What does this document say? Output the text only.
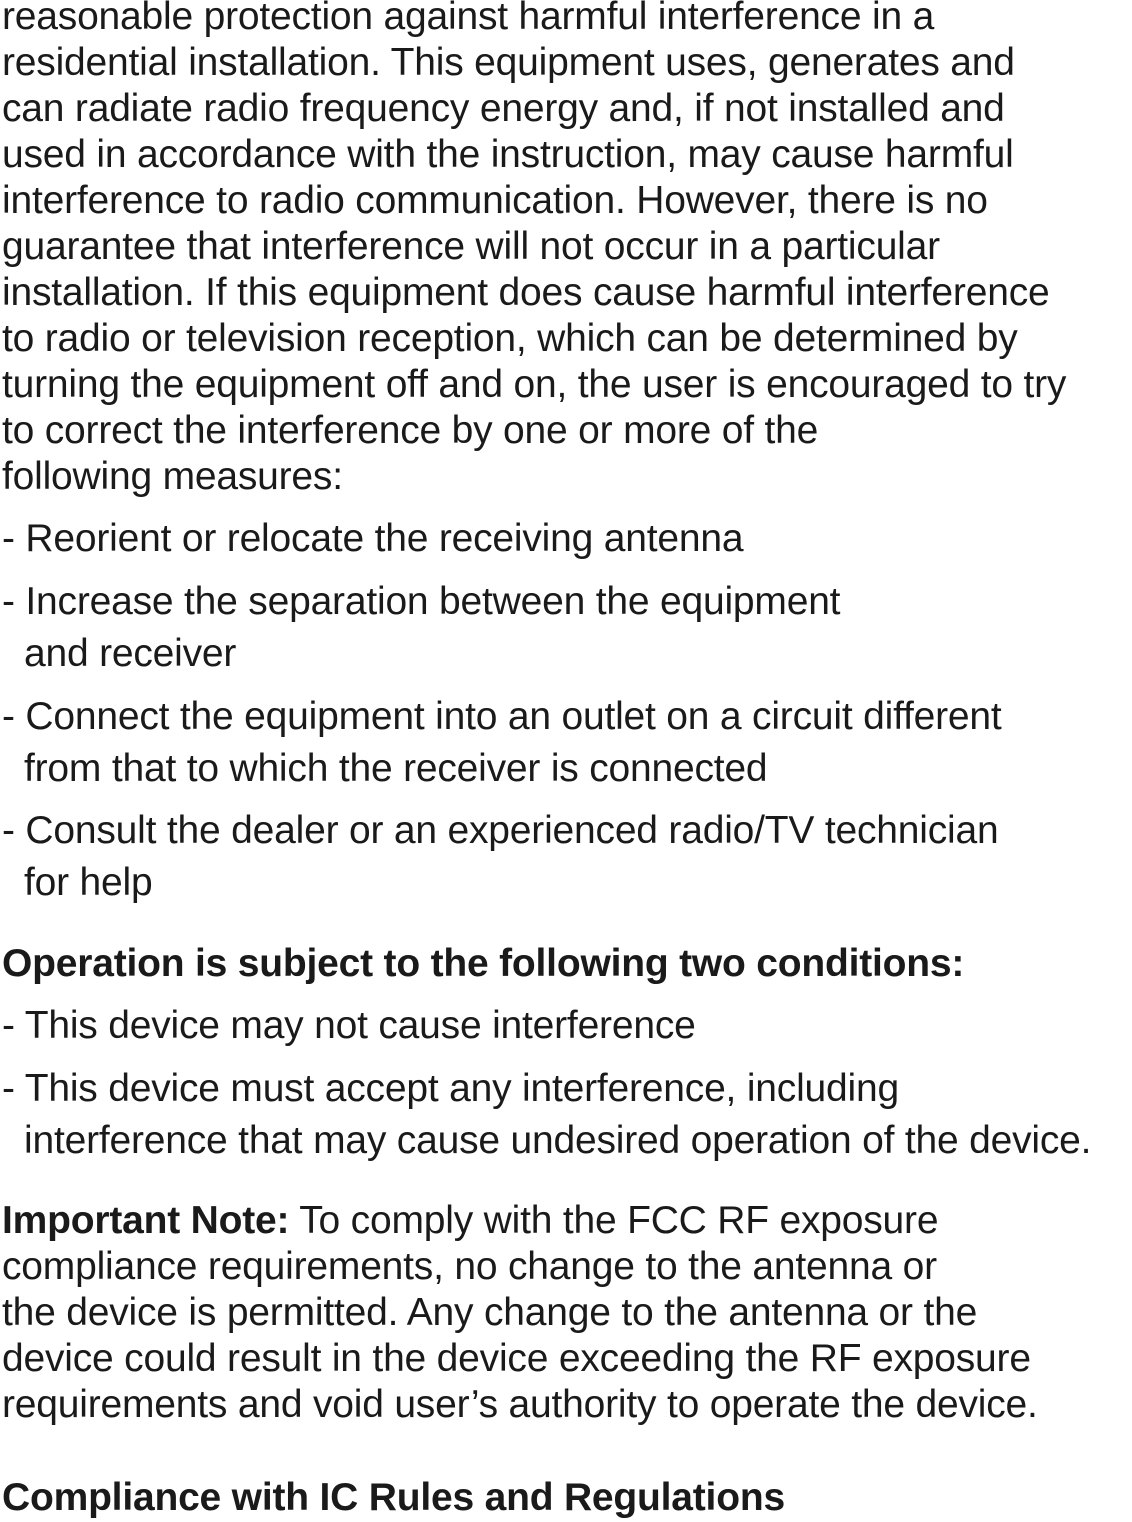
reasonable protection against harmful interference in a
residential installation. This equipment uses, generates and
can radiate radio frequency energy and, if not installed and
used in accordance with the instruction, may cause harmful
interference to radio communication. However, there is no
guarantee that interference will not occur in a particular
installation. If this equipment does cause harmful interference
to radio or television reception, which can be determined by
turning the equipment off and on, the user is encouraged to try
to correct the interference by one or more of the
following measures:
- Reorient or relocate the receiving antenna
- Increase the separation between the equipment
and receiver
- Connect the equipment into an outlet on a circuit different
from that to which the receiver is connected
- Consult the dealer or an experienced radio/TV technician
for help
Operation is subject to the following two conditions:
- This device may not cause interference
- This device must accept any interference, including
interference that may cause undesired operation of the device.
Important Note: To comply with the FCC RF exposure
compliance requirements, no change to the antenna or
the device is permitted. Any change to the antenna or the
device could result in the device exceeding the RF exposure
requirements and void user’s authority to operate the device.
Compliance with IC Rules and Regulations
